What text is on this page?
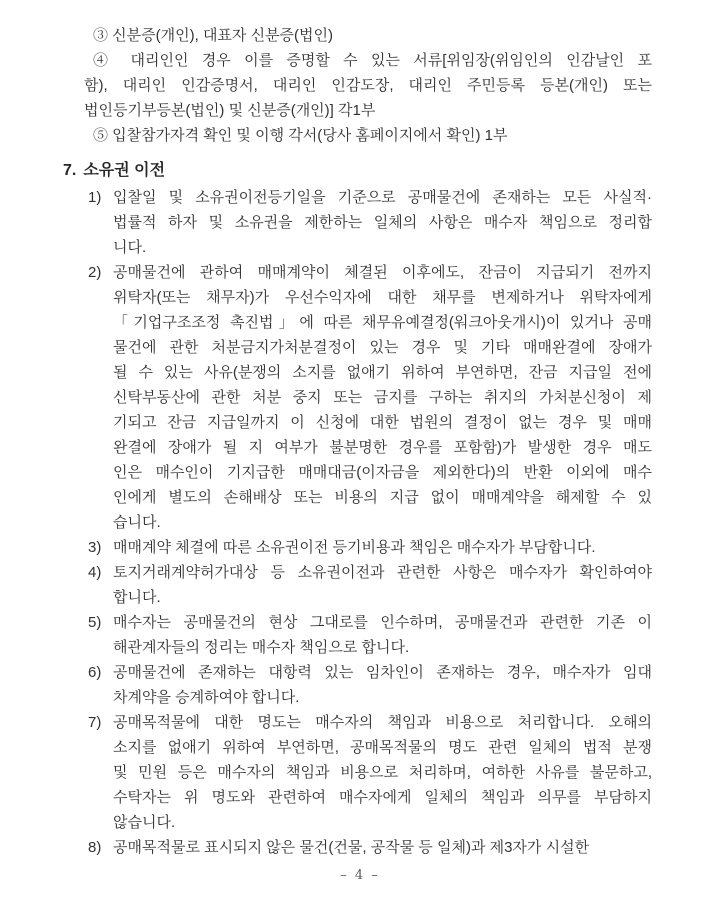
③ 신분증(개인), 대표자 신분증(법인)
④ 대리인인 경우 이를 증명할 수 있는 서류[위임장(위임인의 인감날인 포
함), 대리인 인감증명서, 대리인 인감도장, 대리인 주민등록 등본(개인) 또는
법인등기부등본(법인) 및 신분증(개인)] 각1부
⑤ 입찰참가자격 확인 및 이행 각서(당사 홈페이지에서 확인) 1부
7. 소유권 이전
1) 입찰일 및 소유권이전등기일을 기준으로 공매물건에 존재하는 모든 사실적·
법률적 하자 및 소유권을 제한하는 일체의 사항은 매수자 책임으로 정리합
니다.
2) 공매물건에 관하여 매매계약이 체결된 이후에도, 잔금이 지급되기 전까지
위탁자(또는 채무자)가 우선수익자에 대한 채무를 변제하거나 위탁자에게
「기업구조조정 촉진법」에 따른 채무유예결정(워크아웃개시)이 있거나 공매
물건에 관한 처분금지가처분결정이 있는 경우 및 기타 매매완결에 장애가
될 수 있는 사유(분쟁의 소지를 없애기 위하여 부연하면, 잔금 지급일 전에
신탁부동산에 관한 처분 중지 또는 금지를 구하는 취지의 가처분신청이 제
기되고 잔금 지급일까지 이 신청에 대한 법원의 결정이 없는 경우 및 매매
완결에 장애가 될 지 여부가 불분명한 경우를 포함함)가 발생한 경우 매도
인은 매수인이 기지급한 매매대금(이자금을 제외한다)의 반환 이외에 매수
인에게 별도의 손해배상 또는 비용의 지급 없이 매매계약을 해제할 수 있
습니다.
3) 매매계약 체결에 따른 소유권이전 등기비용과 책임은 매수자가 부담합니다.
4) 토지거래계약허가대상 등 소유권이전과 관련한 사항은 매수자가 확인하여야
합니다.
5) 매수자는 공매물건의 현상 그대로를 인수하며, 공매물건과 관련한 기존 이
해관계자들의 정리는 매수자 책임으로 합니다.
6) 공매물건에 존재하는 대항력 있는 임차인이 존재하는 경우, 매수자가 임대
차계약을 승계하여야 합니다.
7) 공매목적물에 대한 명도는 매수자의 책임과 비용으로 처리합니다. 오해의
소지를 없애기 위하여 부연하면, 공매목적물의 명도 관련 일체의 법적 분쟁
및 민원 등은 매수자의 책임과 비용으로 처리하며, 여하한 사유를 불문하고,
수탁자는 위 명도와 관련하여 매수자에게 일체의 책임과 의무를 부담하지
않습니다.
8) 공매목적물로 표시되지 않은 물건(건물, 공작물 등 일체)과 제3자가 시설한
– 4 –
